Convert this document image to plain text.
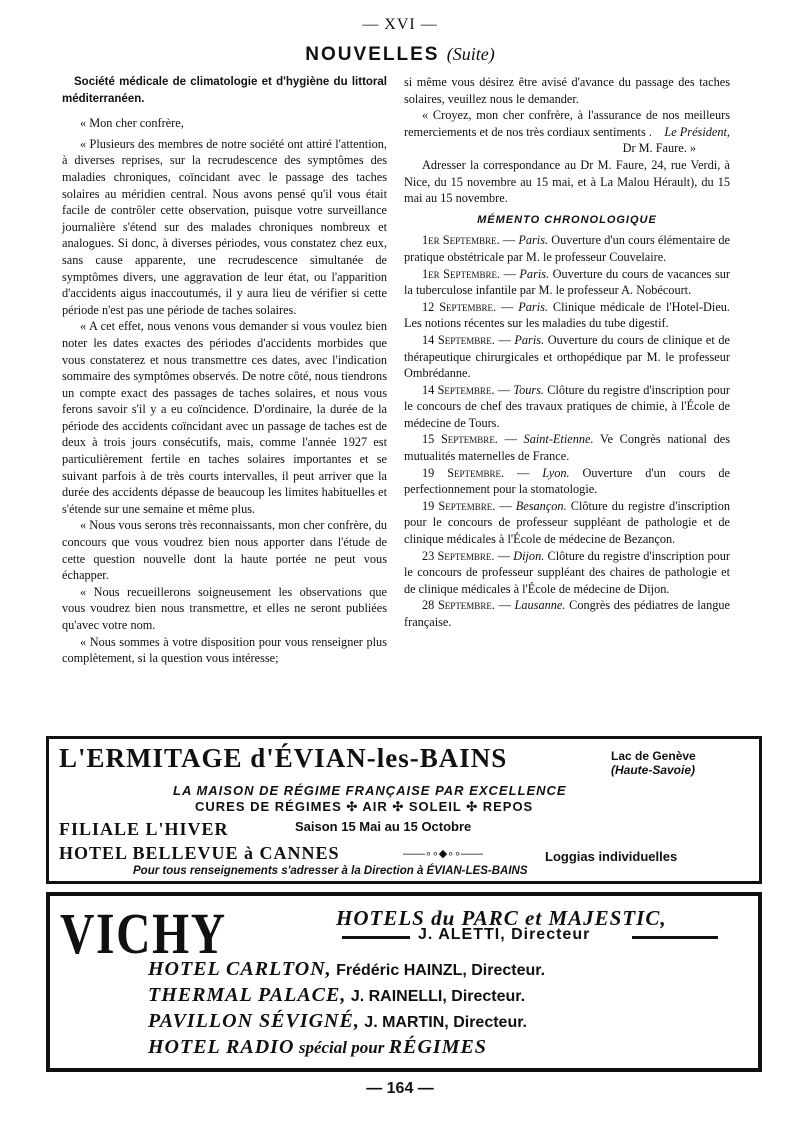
— XVI —
NOUVELLES (Suite)

Société médicale de climatologie et d'hygiène du littoral méditerranéen.

« Mon cher confrère,

« Plusieurs des membres de notre société ont attiré l'attention, à diverses reprises, sur la recrudescence des symptômes des maladies chroniques, coïncidant avec le passage des taches solaires au méridien central. Nous avons pensé qu'il vous était facile de contrôler cette observation, puisque votre surveillance journalière s'étend sur des malades chroniques nombreux et analogues. Si donc, à diverses périodes, vous constatez chez eux, sans cause apparente, une recrudescence simultanée de symptômes divers, une aggravation de leur état, ou l'apparition d'accidents aigus inaccoutumés, il y aura lieu de vérifier si cette période n'est pas une période de taches solaires.

« A cet effet, nous venons vous demander si vous voulez bien noter les dates exactes des périodes d'accidents morbides que vous constaterez et nous transmettre ces dates, avec l'indication sommaire des symptômes observés. De notre côté, nous tiendrons un compte exact des passages de taches solaires, et nous vous ferons savoir s'il y a eu coïncidence. D'ordinaire, la durée de la période des accidents coïncidant avec un passage de taches est de deux à trois jours consécutifs, mais, comme l'année 1927 est particulièrement fertile en taches solaires importantes et se suivant parfois à de très courts intervalles, il peut arriver que la durée des accidents dépasse de beaucoup les limites habituelles et s'étende sur une semaine et même plus.

« Nous vous serons très reconnaissants, mon cher confrère, du concours que vous voudrez bien nous apporter dans l'étude de cette question nouvelle dont la haute portée ne peut vous échapper.

« Nous recueillerons soigneusement les observations que vous voudrez bien nous transmettre, et elles ne seront publiées qu'avec votre nom.

« Nous sommes à votre disposition pour vous renseigner plus complètement, si la question vous intéresse;

si même vous désirez être avisé d'avance du passage des taches solaires, veuillez nous le demander.

« Croyez, mon cher confrère, à l'assurance de nos meilleurs remerciements et de nos très cordiaux sentiments .	Le Président,

Dr M. Faure. »

Adresser la correspondance au Dr M. Faure, 24, rue Verdi, à Nice, du 15 novembre au 15 mai, et à La Malou Hérault), du 15 mai au 15 novembre.

MÉMENTO CHRONOLOGIQUE

1er Septembre. — Paris. Ouverture d'un cours élémentaire de pratique obstétricale par M. le professeur Couvelaire.

1er Septembre. — Paris. Ouverture du cours de vacances sur la tuberculose infantile par M. le professeur A. Nobécourt.

12 Septembre. — Paris. Clinique médicale de l'Hotel-Dieu. Les notions récentes sur les maladies du tube digestif.

14 Septembre. — Paris. Ouverture du cours de clinique et de thérapeutique chirurgicales et orthopédique par M. le professeur Ombrédanne.

14 Septembre. — Tours. Clôture du registre d'inscription pour le concours de chef des travaux pratiques de chimie, à l'École de médecine de Tours.

15 Septembre. — Saint-Etienne. Ve Congrès national des mutualités maternelles de France.

19 Septembre. — Lyon. Ouverture d'un cours de perfectionnement pour la stomatologie.

19 Septembre. — Besançon. Clôture du registre d'inscription pour le concours de professeur suppléant de pathologie et de clinique médicales à l'École de médecine de Bezançon.

23 Septembre. — Dijon. Clôture du registre d'inscription pour le concours de professeur suppléant des chaires de pathologie et de clinique médicales à l'École de médecine de Dijon.

28 Septembre. — Lausanne. Congrès des pédiatres de langue française.

L'ERMITAGE d'ÉVIAN-les-BAINS	Lac de Genève
(Haute-Savoie)
LA MAISON DE RÉGIME FRANÇAISE PAR EXCELLENCE
CURES DE RÉGIMES ✣ AIR ✣ SOLEIL ✣ REPOS
FILIALE L'HIVER	Saison 15 Mai au 15 Octobre
HOTEL BELLEVUE à CANNES	——∘∘◆∘∘——	Loggias individuelles
Pour tous renseignements s'adresser à la Direction à ÉVIAN-LES-BAINS
VICHY	HOTELS du PARC et MAJESTIC,
J. ALETTI, Directeur
HOTEL CARLTON, Frédéric HAINZL, Directeur.
THERMAL PALACE, J. RAINELLI, Directeur.
PAVILLON SÉVIGNÉ, J. MARTIN, Directeur.
HOTEL RADIO spécial pour RÉGIMES
— 164 —
